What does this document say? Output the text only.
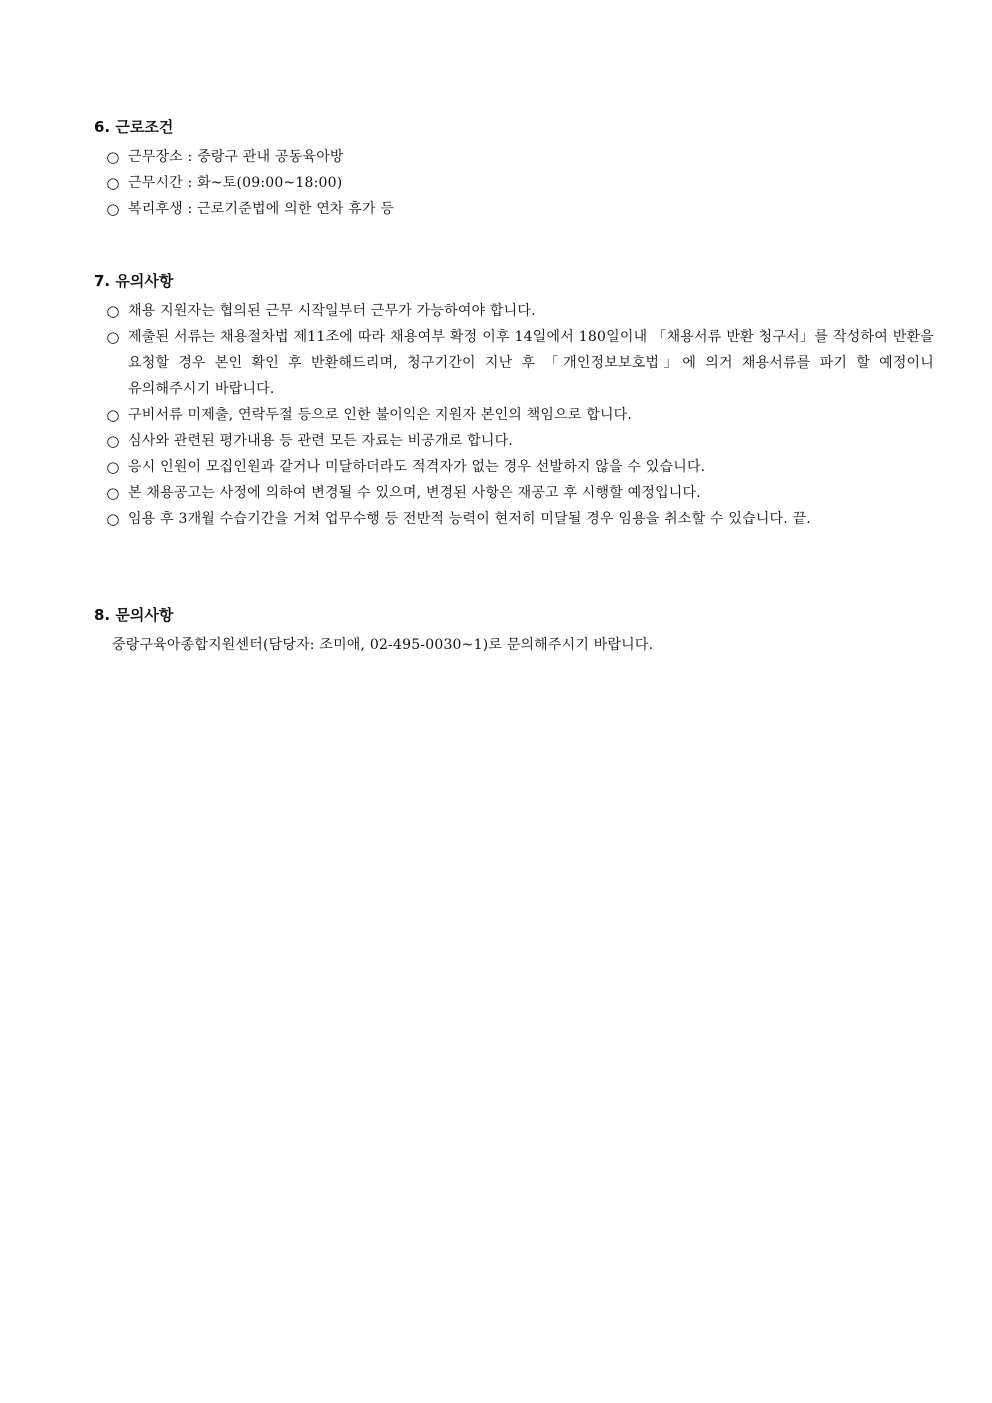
6. 근로조건
○ 근무장소 : 중랑구 관내 공동육아방
○ 근무시간 : 화~토(09:00~18:00)
○ 복리후생 : 근로기준법에 의한 연차 휴가 등
7. 유의사항
○ 채용 지원자는 협의된 근무 시작일부터 근무가 가능하여야 합니다.
○ 제출된 서류는 채용절차법 제11조에 따라 채용여부 확정 이후 14일에서 180일이내 「채용서류 반환 청구서」를 작성하여 반환을 요청할 경우 본인 확인 후 반환해드리며, 청구기간이 지난 후 「개인정보보호법」에 의거 채용서류를 파기 할 예정이니 유의해주시기 바랍니다.
○ 구비서류 미제출, 연락두절 등으로 인한 불이익은 지원자 본인의 책임으로 합니다.
○ 심사와 관련된 평가내용 등 관련 모든 자료는 비공개로 합니다.
○ 응시 인원이 모집인원과 같거나 미달하더라도 적격자가 없는 경우 선발하지 않을 수 있습니다.
○ 본 채용공고는 사정에 의하여 변경될 수 있으며, 변경된 사항은 재공고 후 시행할 예정입니다.
○ 임용 후 3개월 수습기간을 거쳐 업무수행 등 전반적 능력이 현저히 미달될 경우 임용을 취소할 수 있습니다. 끝.
8. 문의사항
중랑구육아종합지원센터(담당자: 조미애, 02-495-0030~1)로 문의해주시기 바랍니다.
